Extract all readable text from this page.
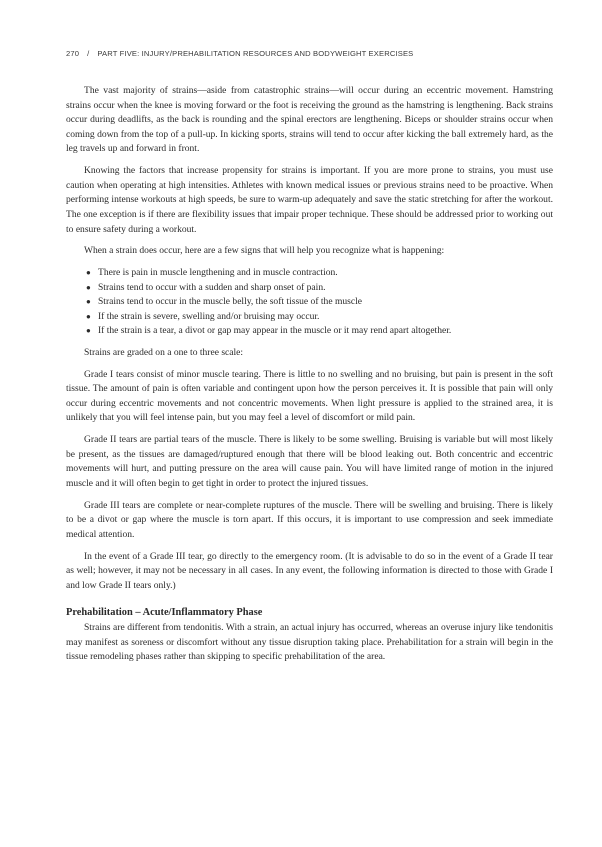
270 / PART FIVE: INJURY/PREHABILITATION RESOURCES AND BODYWEIGHT EXERCISES

The vast majority of strains—aside from catastrophic strains—will occur during an eccentric movement. Hamstring strains occur when the knee is moving forward or the foot is receiving the ground as the hamstring is lengthening. Back strains occur during deadlifts, as the back is rounding and the spinal erectors are lengthening. Biceps or shoulder strains occur when coming down from the top of a pull-up. In kicking sports, strains will tend to occur after kicking the ball extremely hard, as the leg travels up and forward in front.

Knowing the factors that increase propensity for strains is important. If you are more prone to strains, you must use caution when operating at high intensities. Athletes with known medical issues or previous strains need to be proactive. When performing intense workouts at high speeds, be sure to warm-up adequately and save the static stretching for after the workout. The one exception is if there are flexibility issues that impair proper technique. These should be addressed prior to working out to ensure safety during a workout.

When a strain does occur, here are a few signs that will help you recognize what is happening:

● There is pain in muscle lengthening and in muscle contraction.
● Strains tend to occur with a sudden and sharp onset of pain.
● Strains tend to occur in the muscle belly, the soft tissue of the muscle
● If the strain is severe, swelling and/or bruising may occur.
● If the strain is a tear, a divot or gap may appear in the muscle or it may rend apart altogether.

Strains are graded on a one to three scale:

Grade I tears consist of minor muscle tearing. There is little to no swelling and no bruising, but pain is present in the soft tissue. The amount of pain is often variable and contingent upon how the person perceives it. It is possible that pain will only occur during eccentric movements and not concentric movements. When light pressure is applied to the strained area, it is unlikely that you will feel intense pain, but you may feel a level of discomfort or mild pain.

Grade II tears are partial tears of the muscle. There is likely to be some swelling. Bruising is variable but will most likely be present, as the tissues are damaged/ruptured enough that there will be blood leaking out. Both concentric and eccentric movements will hurt, and putting pressure on the area will cause pain. You will have limited range of motion in the injured muscle and it will often begin to get tight in order to protect the injured tissues.

Grade III tears are complete or near-complete ruptures of the muscle. There will be swelling and bruising. There is likely to be a divot or gap where the muscle is torn apart. If this occurs, it is important to use compression and seek immediate medical attention.

In the event of a Grade III tear, go directly to the emergency room. (It is advisable to do so in the event of a Grade II tear as well; however, it may not be necessary in all cases. In any event, the following information is directed to those with Grade I and low Grade II tears only.)

Prehabilitation – Acute/Inflammatory Phase

Strains are different from tendonitis. With a strain, an actual injury has occurred, whereas an overuse injury like tendonitis may manifest as soreness or discomfort without any tissue disruption taking place. Prehabilitation for a strain will begin in the tissue remodeling phases rather than skipping to specific prehabilitation of the area.
